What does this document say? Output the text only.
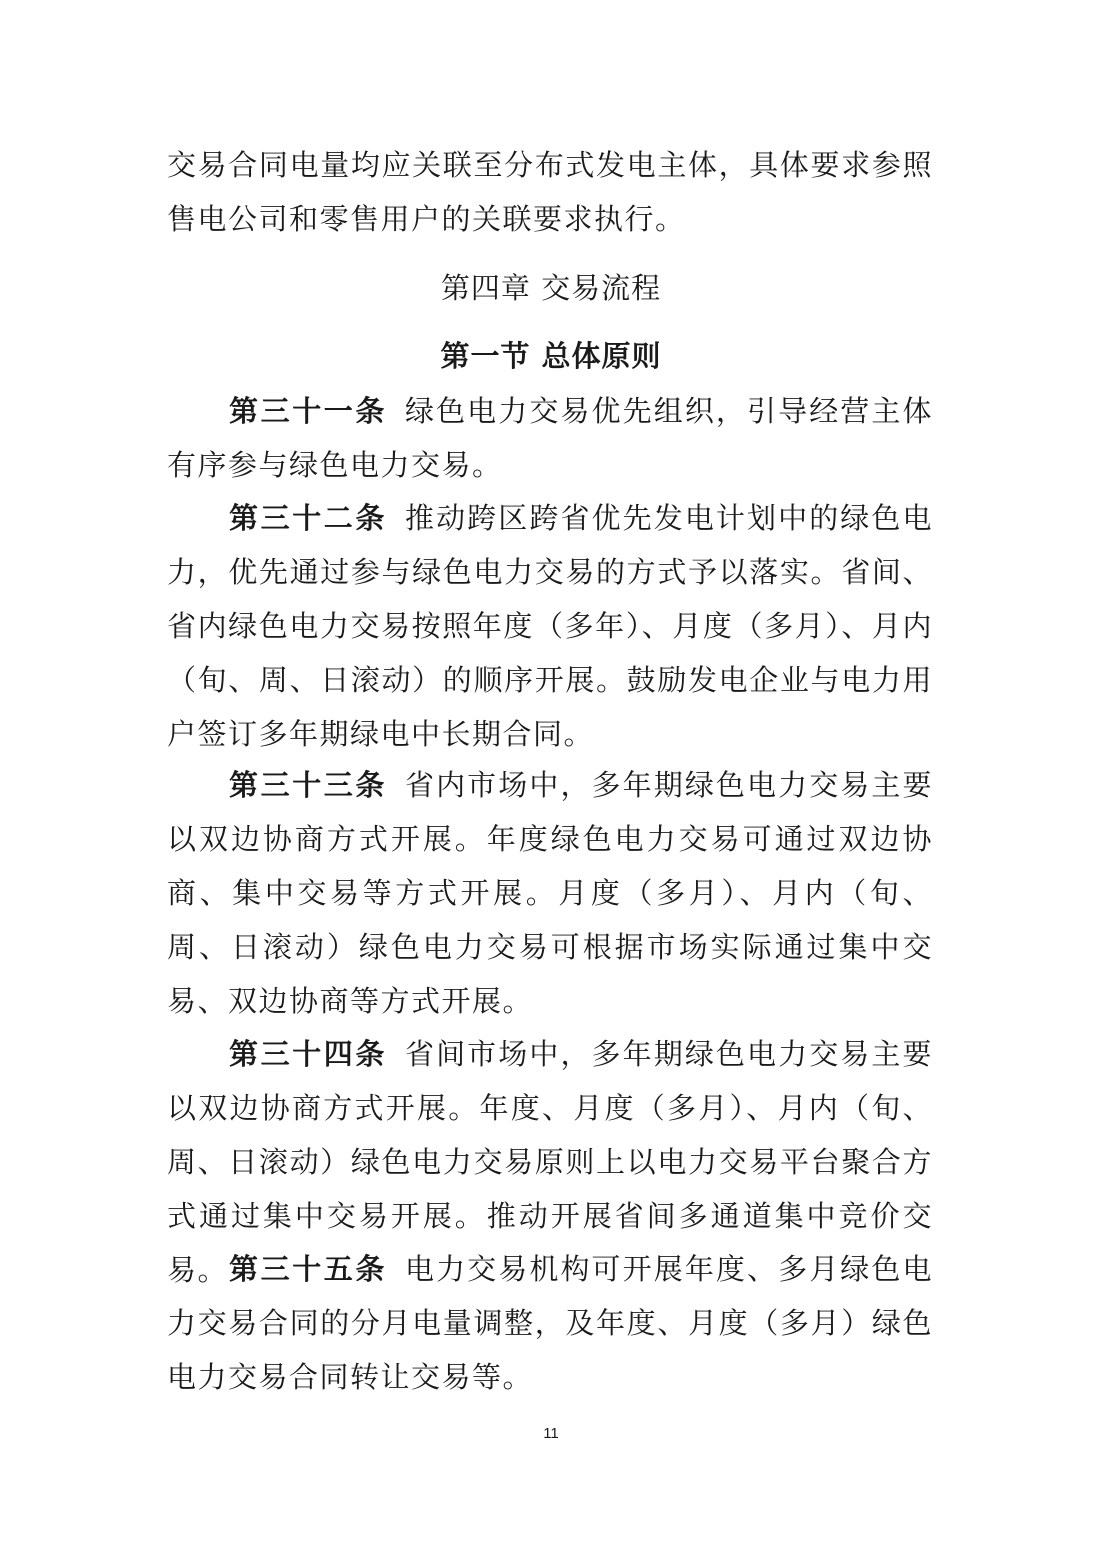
交易合同电量均应关联至分布式发电主体，具体要求参照售电公司和零售用户的关联要求执行。

第四章 交易流程
第一节 总体原则

第三十一条 绿色电力交易优先组织，引导经营主体有序参与绿色电力交易。

第三十二条 推动跨区跨省优先发电计划中的绿色电力，优先通过参与绿色电力交易的方式予以落实。省间、省内绿色电力交易按照年度（多年）、月度（多月）、月内（旬、周、日滚动）的顺序开展。鼓励发电企业与电力用户签订多年期绿电中长期合同。

第三十三条 省内市场中，多年期绿色电力交易主要以双边协商方式开展。年度绿色电力交易可通过双边协商、集中交易等方式开展。月度（多月）、月内（旬、周、日滚动）绿色电力交易可根据市场实际通过集中交易、双边协商等方式开展。

第三十四条 省间市场中，多年期绿色电力交易主要以双边协商方式开展。年度、月度（多月）、月内（旬、周、日滚动）绿色电力交易原则上以电力交易平台聚合方式通过集中交易开展。推动开展省间多通道集中竞价交易。 第三十五条 电力交易机构可开展年度、多月绿色电力交易合同的分月电量调整，及年度、月度（多月）绿色电力交易合同转让交易等。

11
